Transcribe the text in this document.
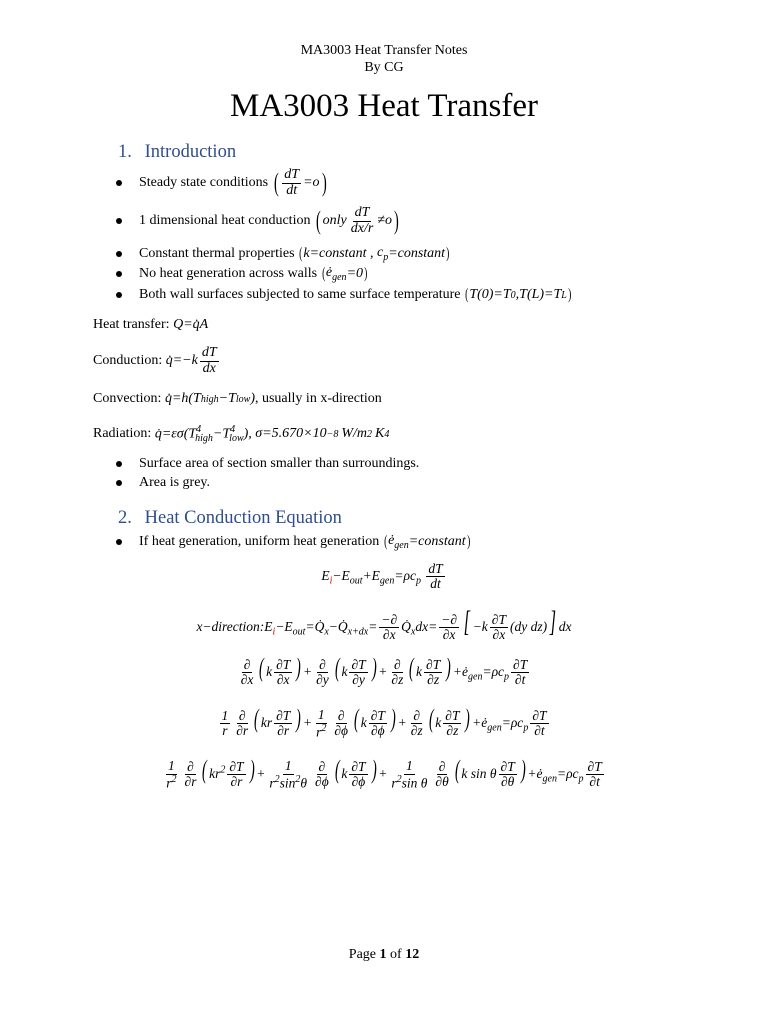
MA3003 Heat Transfer Notes
By CG
MA3003 Heat Transfer
1. Introduction
Steady state conditions
( $\frac{dT}{dt} =o$ )
1 dimensional heat conduction
( only $\frac{dT}{dx/r} \ne o$ )
Constant thermal properties
( k=constant ,
$c_p$ =constant )
No heat generation across walls
( $ė_{gen} =0$ )
Both wall surfaces subjected to same surface temperature
( T(0)=T 0 ,T(L)=T L )
Heat transfer:
Q=q̇A
Conduction:
q̇=−k $\frac{dT}{dx}$
Convection:
q̇=h(T high −T low ) , usually in x-direction
Radiation:
$q̇=\varepsilon\sigma(T^4_{high}-T^4_{low})$, σ=5.670×10 −8 W/m 2 K 4
Surface area of section smaller than surroundings.
Area is grey.
2. Heat Conduction Equation
If heat generation, uniform heat generation
( $ė_{gen}$ =constant )
$E_i-E_{out}+E_{gen}=\rho c_p \frac{dT}{dt}$
$x-direction:E_i-E_{out}=Q̇_x-Q̇_{x+dx}= \frac{-\partial}{\partial x}$ $Q̇_xdx= \frac{-\partial}{\partial x}$ [ $-k \frac{\partial T}{\partial x} (dy$ dz)] dx
$\frac{\partial}{\partial x}$ ( k $\frac{\partial T}{\partial x}$ ) + $\frac{\partial}{\partial y}$ ( k $\frac{\partial T}{\partial y}$ ) + $\frac{\partial}{\partial z}$ ( k $\frac{\partial T}{\partial z}$ ) $+ė_{gen}=\rho c_p \frac{\partial T}{\partial t}$
$\frac{1}{r} \frac{\partial}{\partial r}$ ( kr $\frac{\partial T}{\partial r}$ ) + $\frac{1}{r^2} \frac{\partial}{\partial\phi}$ ( k $\frac{\partial T}{\partial\phi}$ ) + $\frac{\partial}{\partial z}$ ( k $\frac{\partial T}{\partial z}$ ) $+ė_{gen}=\rho c_p \frac{\partial T}{\partial t}$
$\frac{1}{r^2} \frac{\partial}{\partial r}$ ( $kr^2 \frac{\partial T}{\partial r}$ ) + $\frac{1}{r^2\sin^2\theta} \frac{\partial}{\partial\phi}$ ( k $\frac{\partial T}{\partial\phi}$ ) + $\frac{1}{r^2\sin \theta} \frac{\partial}{\partial\theta}$ ( k sin θ $\frac{\partial T}{\partial\theta}$ ) $+ė_{gen}=\rho c_p \frac{\partial T}{\partial t}$
Page 1 of 12
